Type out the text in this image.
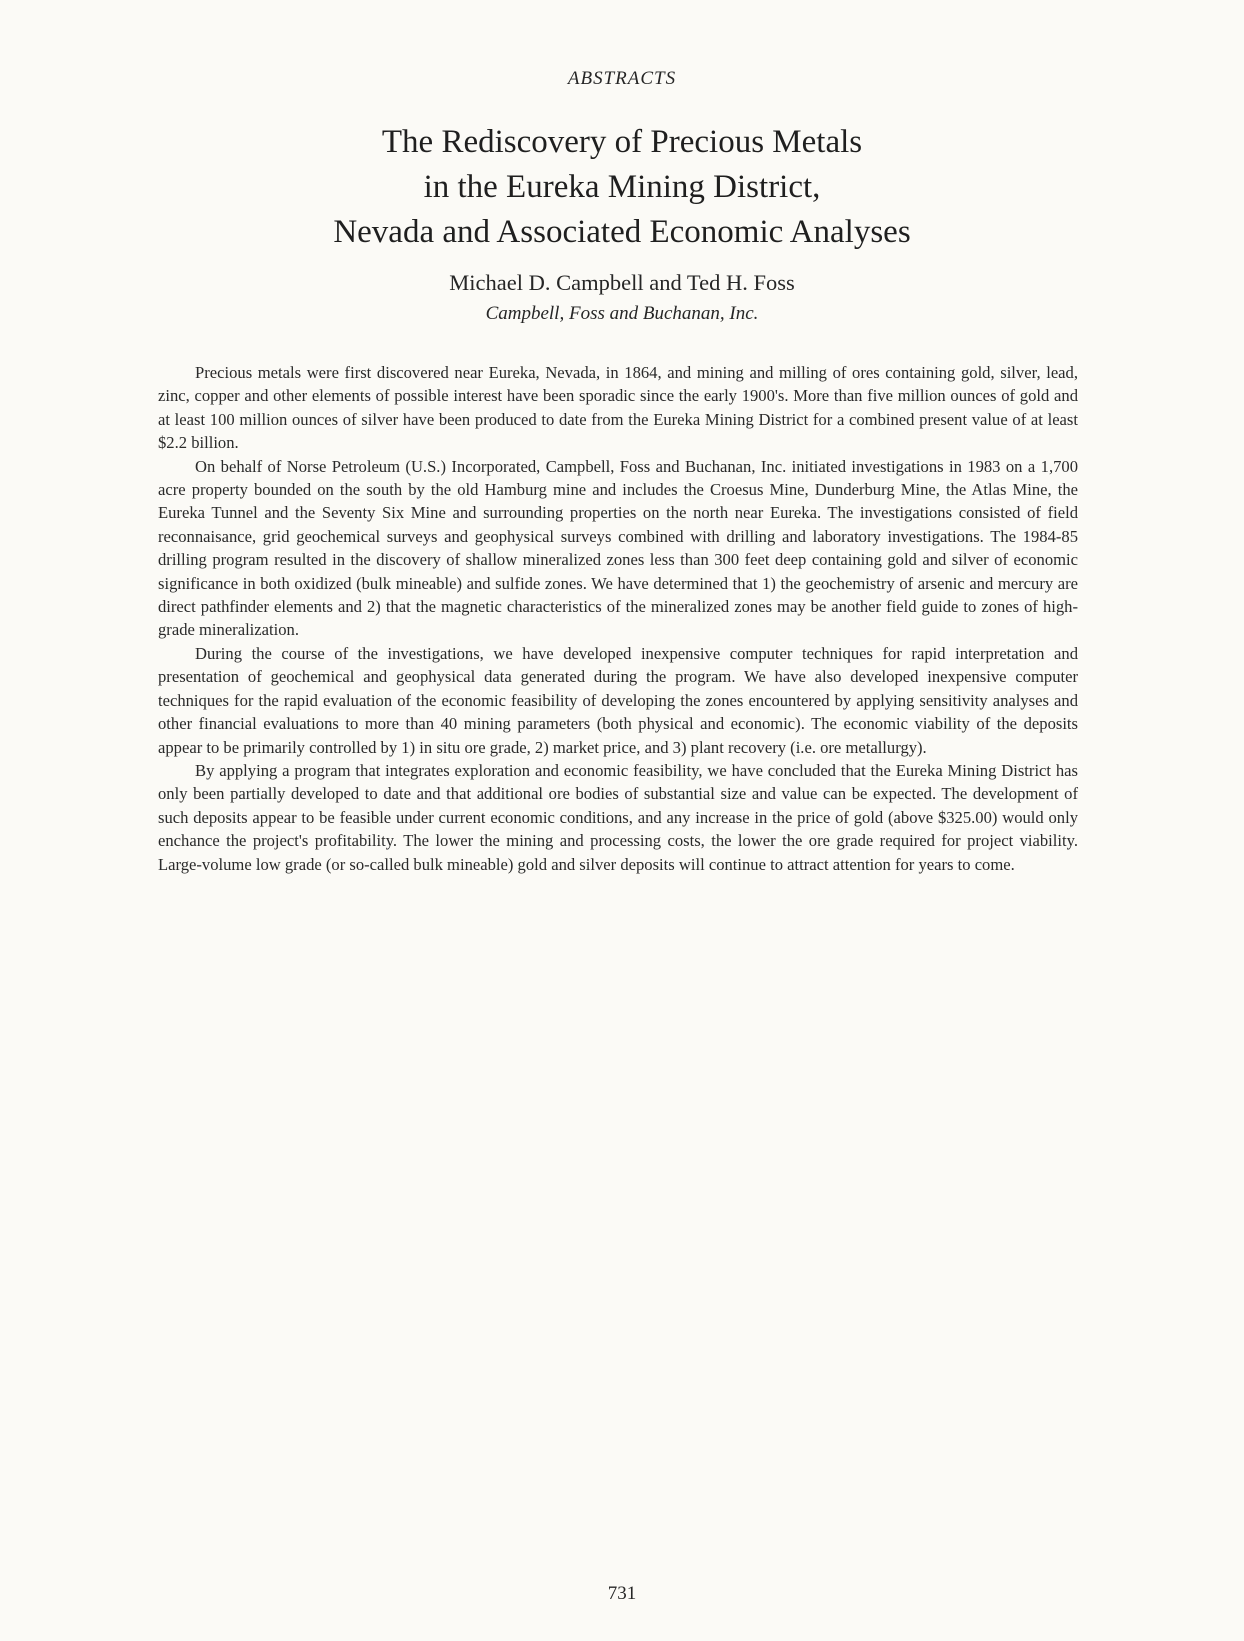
ABSTRACTS
The Rediscovery of Precious Metals
in the Eureka Mining District,
Nevada and Associated Economic Analyses
Michael D. Campbell and Ted H. Foss
Campbell, Foss and Buchanan, Inc.

Precious metals were first discovered near Eureka, Nevada, in 1864, and mining and milling of ores containing gold, silver, lead, zinc, copper and other elements of possible interest have been sporadic since the early 1900's. More than five million ounces of gold and at least 100 million ounces of silver have been produced to date from the Eureka Mining District for a combined present value of at least $2.2 billion.

On behalf of Norse Petroleum (U.S.) Incorporated, Campbell, Foss and Buchanan, Inc. initiated investigations in 1983 on a 1,700 acre property bounded on the south by the old Hamburg mine and includes the Croesus Mine, Dunderburg Mine, the Atlas Mine, the Eureka Tunnel and the Seventy Six Mine and surrounding properties on the north near Eureka. The investigations consisted of field reconnaisance, grid geochemical surveys and geophysical surveys combined with drilling and laboratory investigations. The 1984-85 drilling program resulted in the discovery of shallow mineralized zones less than 300 feet deep containing gold and silver of economic significance in both oxidized (bulk mineable) and sulfide zones. We have determined that 1) the geochemistry of arsenic and mercury are direct pathfinder elements and 2) that the magnetic characteristics of the mineralized zones may be another field guide to zones of high-grade mineralization.

During the course of the investigations, we have developed inexpensive computer techniques for rapid interpretation and presentation of geochemical and geophysical data generated during the program. We have also developed inexpensive computer techniques for the rapid evaluation of the economic feasibility of developing the zones encountered by applying sensitivity analyses and other financial evaluations to more than 40 mining parameters (both physical and economic). The economic viability of the deposits appear to be primarily controlled by 1) in situ ore grade, 2) market price, and 3) plant recovery (i.e. ore metallurgy).

By applying a program that integrates exploration and economic feasibility, we have concluded that the Eureka Mining District has only been partially developed to date and that additional ore bodies of substantial size and value can be expected. The development of such deposits appear to be feasible under current economic conditions, and any increase in the price of gold (above $325.00) would only enchance the project's profitability. The lower the mining and processing costs, the lower the ore grade required for project viability. Large-volume low grade (or so-called bulk mineable) gold and silver deposits will continue to attract attention for years to come.

731
